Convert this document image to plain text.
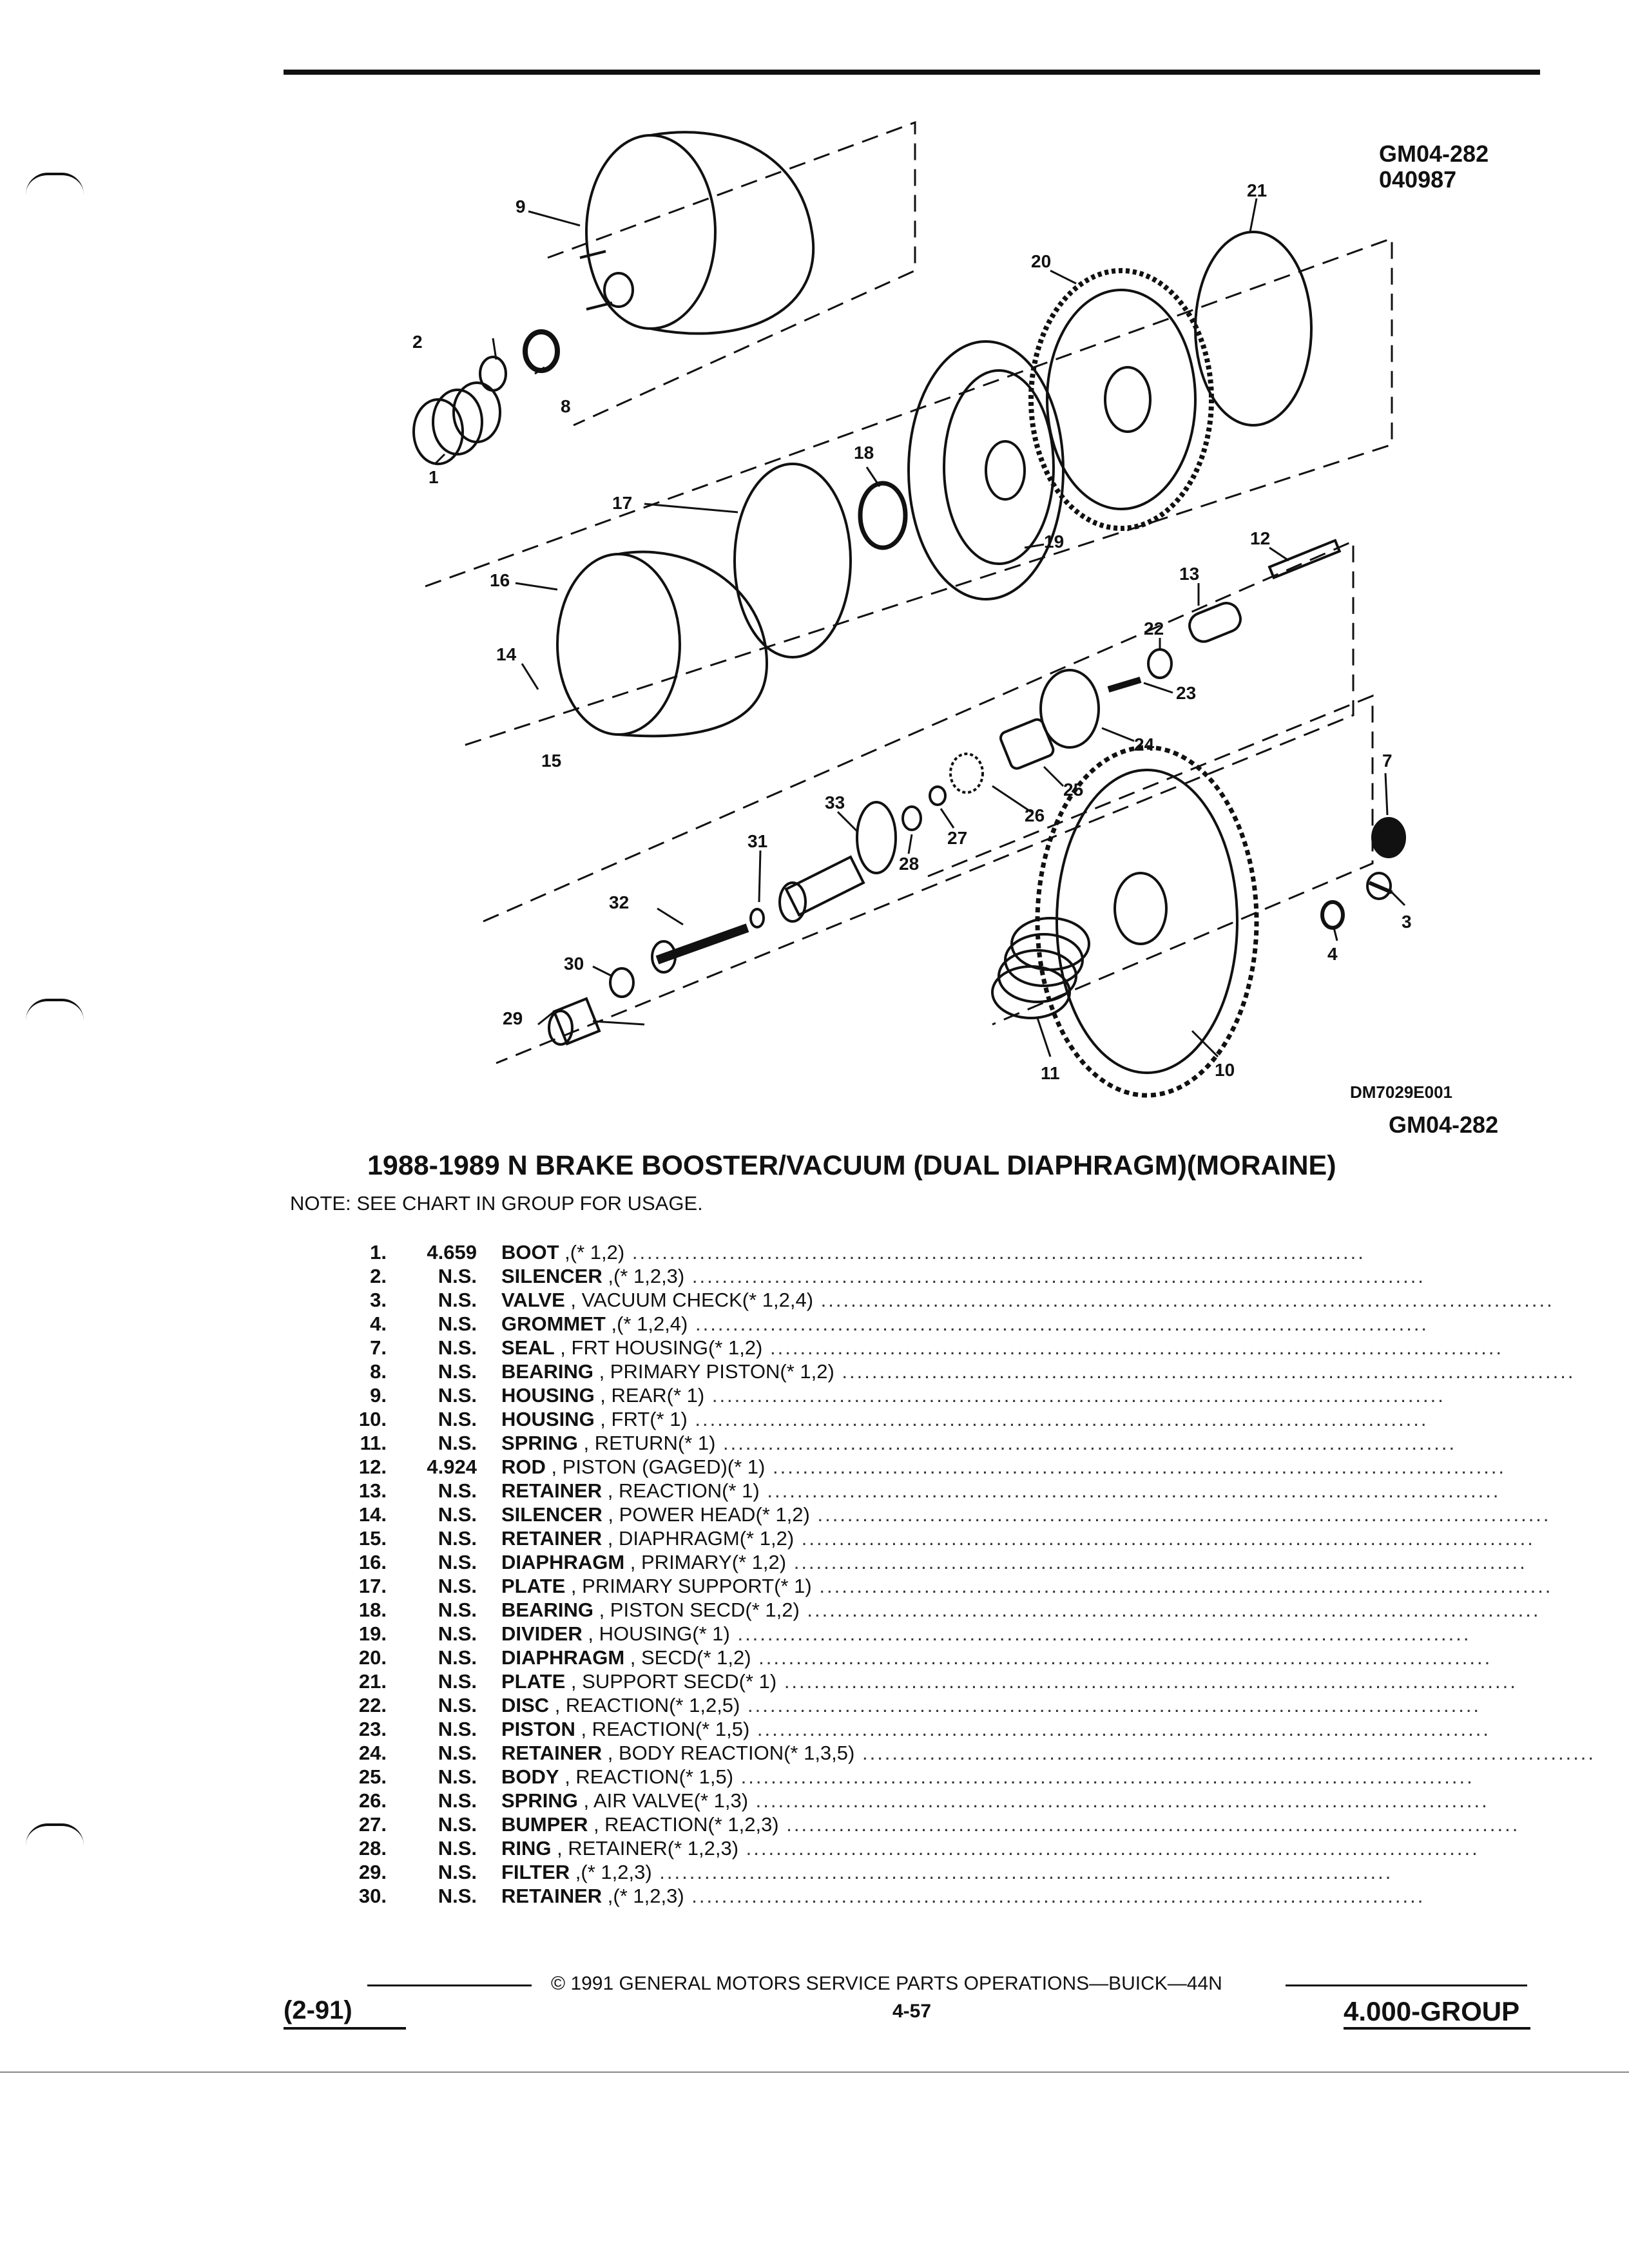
GM04-282
040987
9
2
8
1
21
20
18
17
19	12
13
16
22
14
23
15
24
25
26
33
27
31
28
32
30
29
7
3
4
10
11
DM7029E001
GM04-282
1988-1989 N BRAKE BOOSTER/VACUUM (DUAL DIAPHRAGM)(MORAINE)
NOTE: SEE CHART IN GROUP FOR USAGE.
1.	4.659 BOOT ,(* 1,2) ..................................................................................................
2.	N.S. SILENCER ,(* 1,2,3) ..................................................................................................
3.	N.S. VALVE , VACUUM CHECK(* 1,2,4) ..................................................................................................
4.	N.S. GROMMET ,(* 1,2,4) ..................................................................................................
7.	N.S. SEAL , FRT HOUSING(* 1,2) ..................................................................................................
8.	N.S. BEARING , PRIMARY PISTON(* 1,2) ..................................................................................................
9.	N.S. HOUSING , REAR(* 1) ..................................................................................................
10.	N.S. HOUSING , FRT(* 1) ..................................................................................................
11.	N.S. SPRING , RETURN(* 1) ..................................................................................................
12.	4.924 ROD , PISTON (GAGED)(* 1) ..................................................................................................
13.	N.S. RETAINER , REACTION(* 1) ..................................................................................................
14.	N.S. SILENCER , POWER HEAD(* 1,2) ..................................................................................................
15.	N.S. RETAINER , DIAPHRAGM(* 1,2) ..................................................................................................
16.	N.S. DIAPHRAGM , PRIMARY(* 1,2) ..................................................................................................
17.	N.S. PLATE , PRIMARY SUPPORT(* 1) ..................................................................................................
18.	N.S. BEARING , PISTON SECD(* 1,2) ..................................................................................................
19.	N.S. DIVIDER , HOUSING(* 1) ..................................................................................................
20.	N.S. DIAPHRAGM , SECD(* 1,2) ..................................................................................................
21.	N.S. PLATE , SUPPORT SECD(* 1) ..................................................................................................
22.	N.S. DISC , REACTION(* 1,2,5) ..................................................................................................
23.	N.S. PISTON , REACTION(* 1,5) ..................................................................................................
24.	N.S. RETAINER , BODY REACTION(* 1,3,5) ..................................................................................................
25.	N.S. BODY , REACTION(* 1,5) ..................................................................................................
26.	N.S. SPRING , AIR VALVE(* 1,3) ..................................................................................................
27.	N.S. BUMPER , REACTION(* 1,2,3) ..................................................................................................
28.	N.S. RING , RETAINER(* 1,2,3) ..................................................................................................
29.	N.S. FILTER ,(* 1,2,3) ..................................................................................................
30.	N.S. RETAINER ,(* 1,2,3) ..................................................................................................
© 1991 GENERAL MOTORS SERVICE PARTS OPERATIONS—BUICK—44N
(2-91)	4-57	4.000-GROUP
